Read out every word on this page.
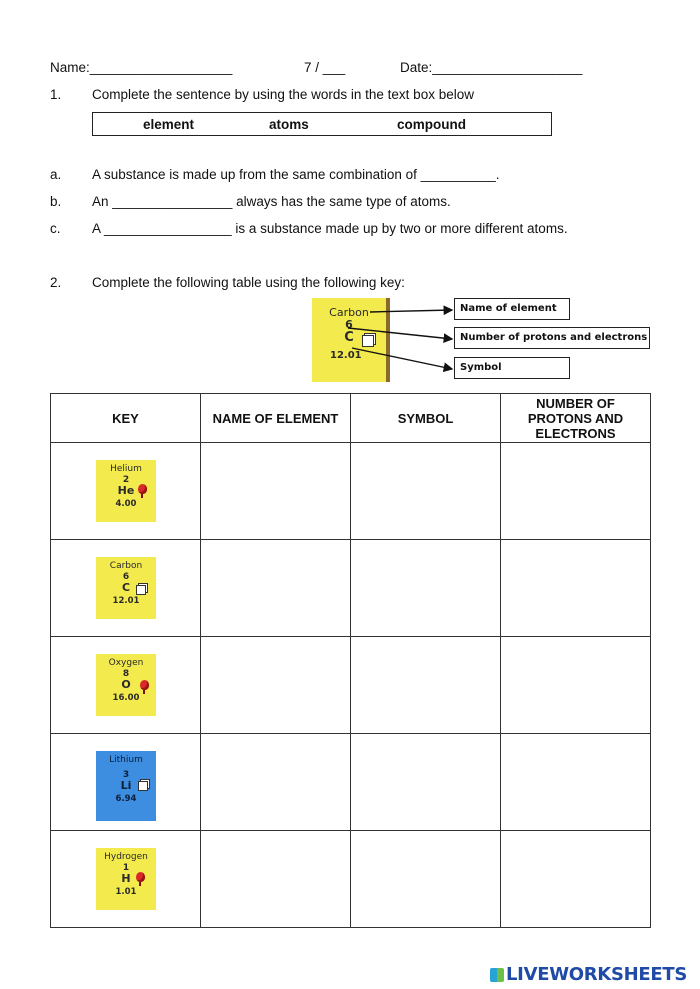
Name:___________________	7 / ___	Date:____________________
1. Complete the sentence by using the words in the text box below
element	atoms	compound
a. A substance is made up from the same combination of __________.
b. An ________________ always has the same type of atoms.
c. A _________________ is a substance made up by two or more different atoms.
2. Complete the following table using the following key:
Carbon
6
C
12.01
Name of element
Number of protons and electrons
Symbol
KEY	NAME OF ELEMENT	SYMBOL	NUMBER OF PROTONS AND ELECTRONS

Helium
2
He
4.00			

Carbon
6
C
12.01			

Oxygen
8
O
16.00			

Lithium
3
Li
6.94			

Hydrogen
1
H
1.01			

LIVEWORKSHEETS
